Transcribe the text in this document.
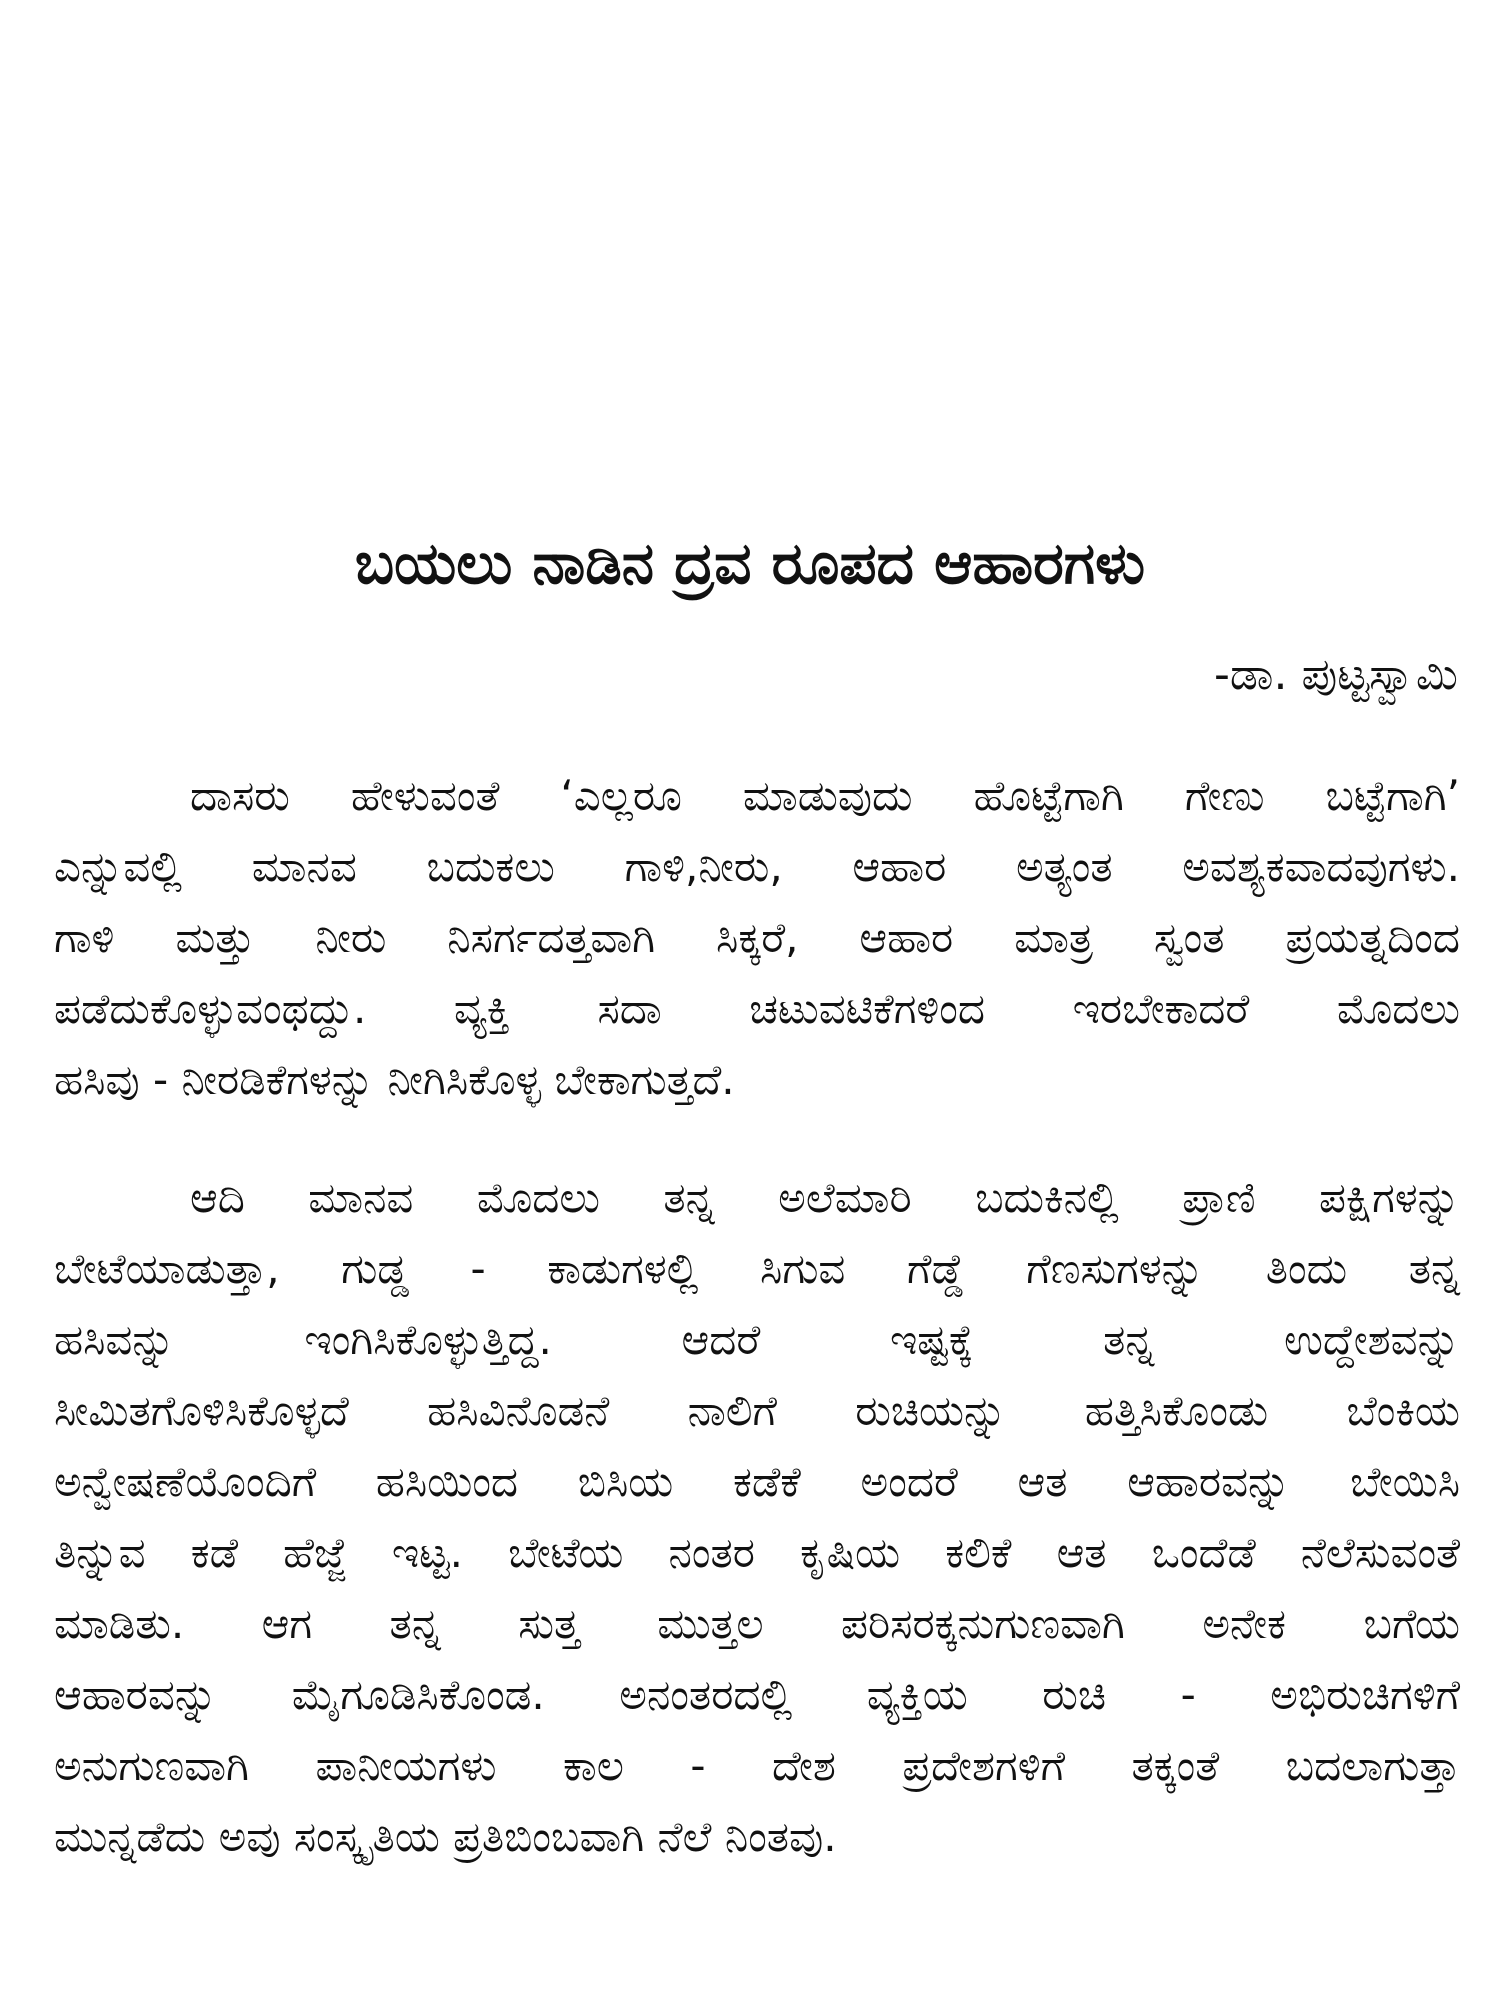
ಬಯಲು ನಾಡಿನ ದ್ರವ ರೂಪದ ಆಹಾರಗಳು
-ಡಾ. ಪುಟ್ಟಸ್ವಾಮಿ
ದಾಸರು ಹೇಳುವಂತೆ ‘ಎಲ್ಲರೂ ಮಾಡುವುದು ಹೊಟ್ಟೆಗಾಗಿ ಗೇಣು ಬಟ್ಟೆಗಾಗಿ’
ಎನ್ನುವಲ್ಲಿ ಮಾನವ ಬದುಕಲು ಗಾಳಿ,ನೀರು, ಆಹಾರ ಅತ್ಯಂತ ಅವಶ್ಯಕವಾದವುಗಳು.
ಗಾಳಿ ಮತ್ತು ನೀರು ನಿಸರ್ಗದತ್ತವಾಗಿ ಸಿಕ್ಕರೆ, ಆಹಾರ ಮಾತ್ರ ಸ್ವಂತ ಪ್ರಯತ್ನದಿಂದ
ಪಡೆದುಕೊಳ್ಳುವಂಥದ್ದು. ವ್ಯಕ್ತಿ ಸದಾ ಚಟುವಟಿಕೆಗಳಿಂದ ಇರಬೇಕಾದರೆ ಮೊದಲು
ಹಸಿವು - ನೀರಡಿಕೆಗಳನ್ನು ನೀಗಿಸಿಕೊಳ್ಳ ಬೇಕಾಗುತ್ತದೆ.
ಆದಿ ಮಾನವ ಮೊದಲು ತನ್ನ ಅಲೆಮಾರಿ ಬದುಕಿನಲ್ಲಿ ಪ್ರಾಣಿ ಪಕ್ಷಿಗಳನ್ನು
ಬೇಟೆಯಾಡುತ್ತಾ, ಗುಡ್ಡ - ಕಾಡುಗಳಲ್ಲಿ ಸಿಗುವ ಗೆಡ್ಡೆ ಗೆಣಸುಗಳನ್ನು ತಿಂದು ತನ್ನ
ಹಸಿವನ್ನು ಇಂಗಿಸಿಕೊಳ್ಳುತ್ತಿದ್ದ. ಆದರೆ ಇಷ್ಟಕ್ಕೆ ತನ್ನ ಉದ್ದೇಶವನ್ನು
ಸೀಮಿತಗೊಳಿಸಿಕೊಳ್ಳದೆ ಹಸಿವಿನೊಡನೆ ನಾಲಿಗೆ ರುಚಿಯನ್ನು ಹತ್ತಿಸಿಕೊಂಡು ಬೆಂಕಿಯ
ಅನ್ವೇಷಣೆಯೊಂದಿಗೆ ಹಸಿಯಿಂದ ಬಿಸಿಯ ಕಡೆಕೆ ಅಂದರೆ ಆತ ಆಹಾರವನ್ನು ಬೇಯಿಸಿ
ತಿನ್ನುವ ಕಡೆ ಹೆಜ್ಜೆ ಇಟ್ಟ. ಬೇಟೆಯ ನಂತರ ಕೃಷಿಯ ಕಲಿಕೆ ಆತ ಒಂದೆಡೆ ನೆಲೆಸುವಂತೆ
ಮಾಡಿತು. ಆಗ ತನ್ನ ಸುತ್ತ ಮುತ್ತಲ ಪರಿಸರಕ್ಕನುಗುಣವಾಗಿ ಅನೇಕ ಬಗೆಯ
ಆಹಾರವನ್ನು ಮೈಗೂಡಿಸಿಕೊಂಡ. ಅನಂತರದಲ್ಲಿ ವ್ಯಕ್ತಿಯ ರುಚಿ - ಅಭಿರುಚಿಗಳಿಗೆ
ಅನುಗುಣವಾಗಿ ಪಾನೀಯಗಳು ಕಾಲ - ದೇಶ ಪ್ರದೇಶಗಳಿಗೆ ತಕ್ಕಂತೆ ಬದಲಾಗುತ್ತಾ
ಮುನ್ನಡೆದು ಅವು ಸಂಸ್ಕೃತಿಯ ಪ್ರತಿಬಿಂಬವಾಗಿ ನೆಲೆ ನಿಂತವು.
